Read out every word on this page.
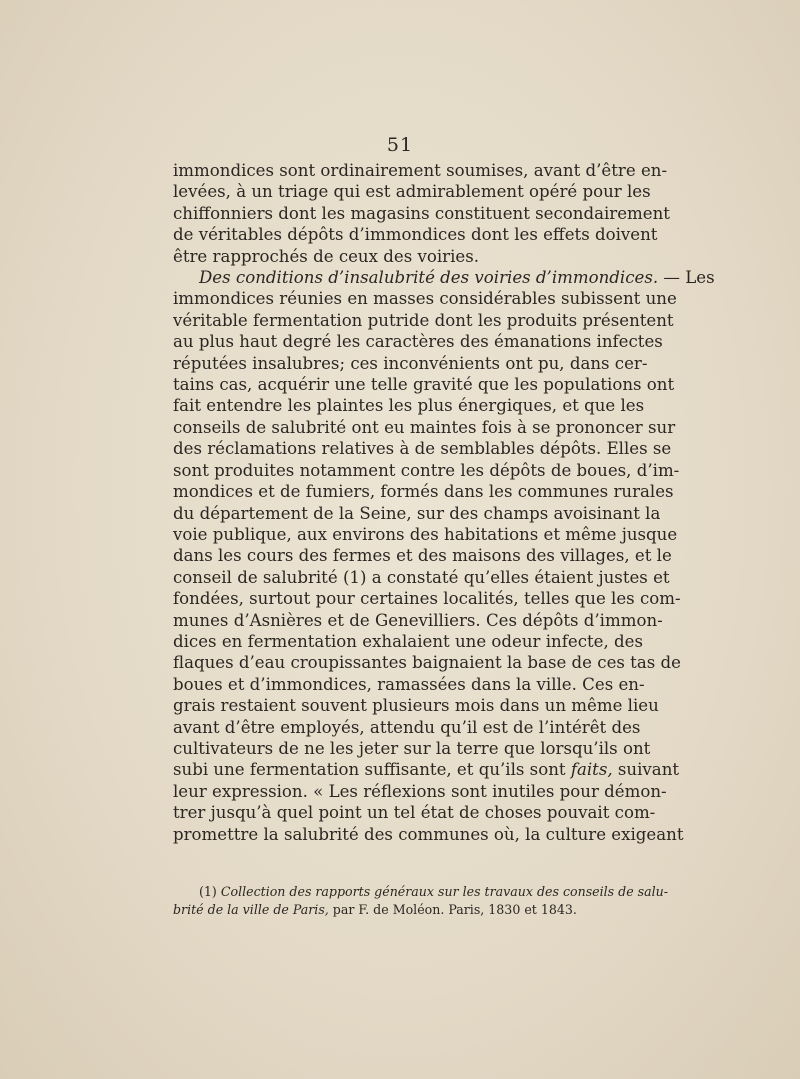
51
immondices sont ordinairement soumises, avant d’être en-
levées, à un triage qui est admirablement opéré pour les
chiffonniers dont les magasins constituent secondairement
de véritables dépôts d’immondices dont les effets doivent
être rapprochés de ceux des voiries.
Des conditions d’insalubrité des voiries d’immondices. — Les
immondices réunies en masses considérables subissent une
véritable fermentation putride dont les produits présentent
au plus haut degré les caractères des émanations infectes
réputées insalubres; ces inconvénients ont pu, dans cer-
tains cas, acquérir une telle gravité que les populations ont
fait entendre les plaintes les plus énergiques, et que les
conseils de salubrité ont eu maintes fois à se prononcer sur
des réclamations relatives à de semblables dépôts. Elles se
sont produites notamment contre les dépôts de boues, d’im-
mondices et de fumiers, formés dans les communes rurales
du département de la Seine, sur des champs avoisinant la
voie publique, aux environs des habitations et même jusque
dans les cours des fermes et des maisons des villages, et le
conseil de salubrité (1) a constaté qu’elles étaient justes et
fondées, surtout pour certaines localités, telles que les com-
munes d’Asnières et de Genevilliers. Ces dépôts d’immon-
dices en fermentation exhalaient une odeur infecte, des
flaques d’eau croupissantes baignaient la base de ces tas de
boues et d’immondices, ramassées dans la ville. Ces en-
grais restaient souvent plusieurs mois dans un même lieu
avant d’être employés, attendu qu’il est de l’intérêt des
cultivateurs de ne les jeter sur la terre que lorsqu’ils ont
subi une fermentation suffisante, et qu’ils sont faits, suivant
leur expression. « Les réflexions sont inutiles pour démon-
trer jusqu’à quel point un tel état de choses pouvait com-
promettre la salubrité des communes où, la culture exigeant
(1) Collection des rapports généraux sur les travaux des conseils de salu-
brité de la ville de Paris, par F. de Moléon. Paris, 1830 et 1843.
